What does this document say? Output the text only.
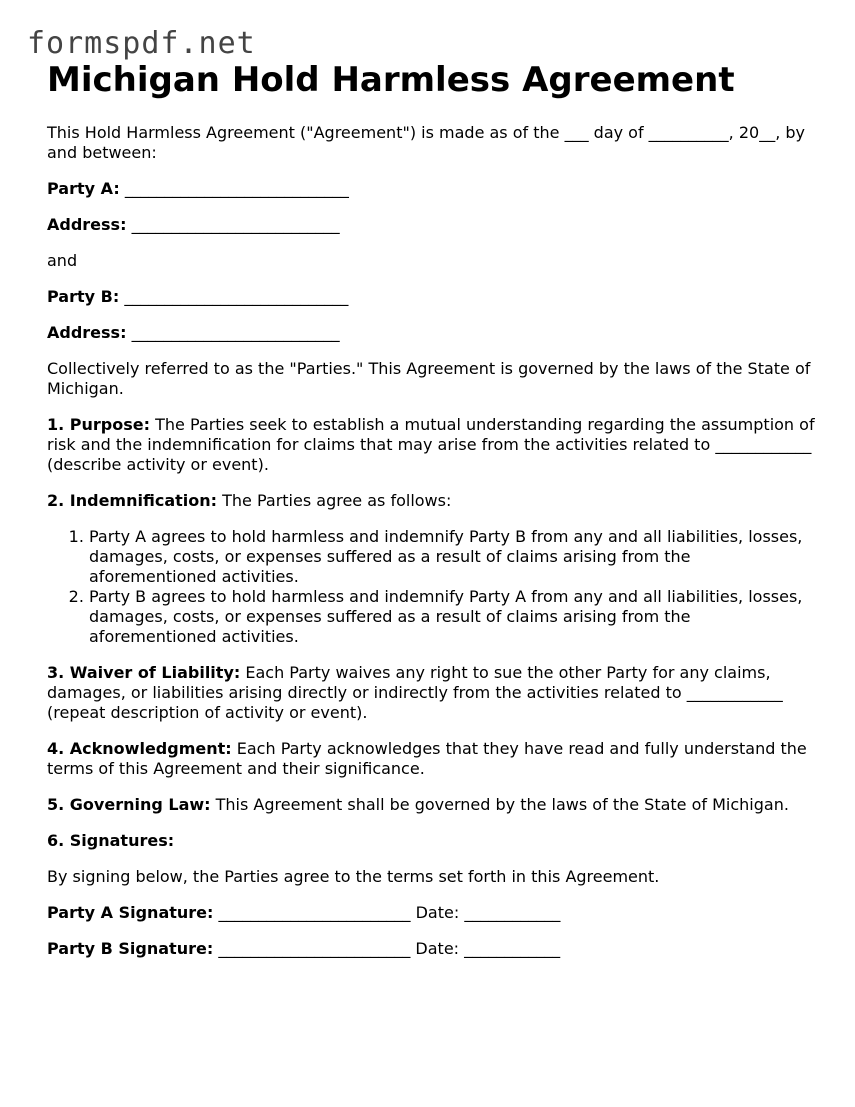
formspdf.net
Michigan Hold Harmless Agreement

This Hold Harmless Agreement ("Agreement") is made as of the ___ day of __________, 20__, by and between:

Party A: ____________________________

Address: __________________________

and

Party B: ____________________________

Address: __________________________

Collectively referred to as the "Parties." This Agreement is governed by the laws of the State of Michigan.

1. Purpose: The Parties seek to establish a mutual understanding regarding the assumption of risk and the indemnification for claims that may arise from the activities related to ____________ (describe activity or event).

2. Indemnification: The Parties agree as follows:

1. Party A agrees to hold harmless and indemnify Party B from any and all liabilities, losses, damages, costs, or expenses suffered as a result of claims arising from the aforementioned activities.
2. Party B agrees to hold harmless and indemnify Party A from any and all liabilities, losses, damages, costs, or expenses suffered as a result of claims arising from the aforementioned activities.

3. Waiver of Liability: Each Party waives any right to sue the other Party for any claims, damages, or liabilities arising directly or indirectly from the activities related to ____________ (repeat description of activity or event).

4. Acknowledgment: Each Party acknowledges that they have read and fully understand the terms of this Agreement and their significance.

5. Governing Law: This Agreement shall be governed by the laws of the State of Michigan.

6. Signatures:

By signing below, the Parties agree to the terms set forth in this Agreement.

Party A Signature: ________________________ Date: ____________

Party B Signature: ________________________ Date: ____________
